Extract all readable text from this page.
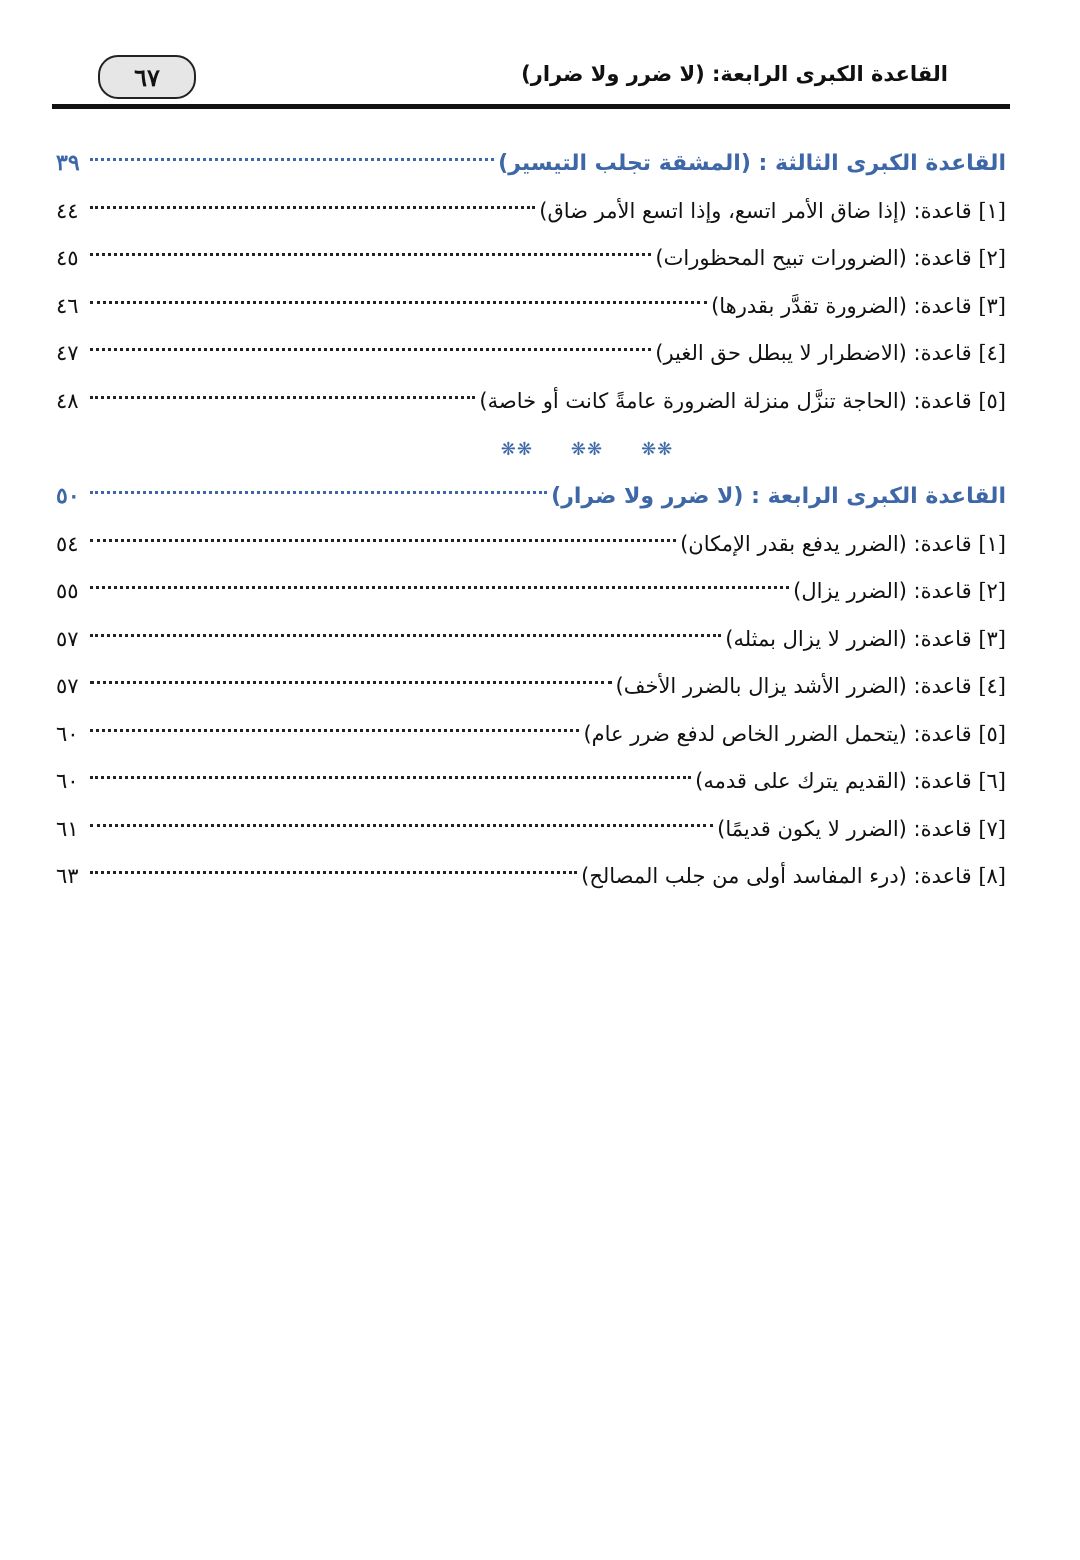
٦٧	القاعدة الكبرى الرابعة: (لا ضرر ولا ضرار)
القاعدة الكبرى الثالثة : (المشقة تجلب التيسير)
٣٩
[١] قاعدة: (إذا ضاق الأمر اتسع، وإذا اتسع الأمر ضاق)
٤٤
[٢] قاعدة: (الضرورات تبيح المحظورات)
٤٥
[٣] قاعدة: (الضرورة تقدَّر بقدرها)
٤٦
[٤] قاعدة: (الاضطرار لا يبطل حق الغير)
٤٧
[٥] قاعدة: (الحاجة تنزَّل منزلة الضرورة عامةً كانت أو خاصة)
٤٨
❋❋ ❋❋ ❋❋
القاعدة الكبرى الرابعة : (لا ضرر ولا ضرار)
٥٠
[١] قاعدة: (الضرر يدفع بقدر الإمكان)
٥٤
[٢] قاعدة: (الضرر يزال)
٥٥
[٣] قاعدة: (الضرر لا يزال بمثله)
٥٧
[٤] قاعدة: (الضرر الأشد يزال بالضرر الأخف)
٥٧
[٥] قاعدة: (يتحمل الضرر الخاص لدفع ضرر عام)
٦٠
[٦] قاعدة: (القديم يترك على قدمه)
٦٠
[٧] قاعدة: (الضرر لا يكون قديمًا)
٦١
[٨] قاعدة: (درء المفاسد أولى من جلب المصالح)
٦٣
